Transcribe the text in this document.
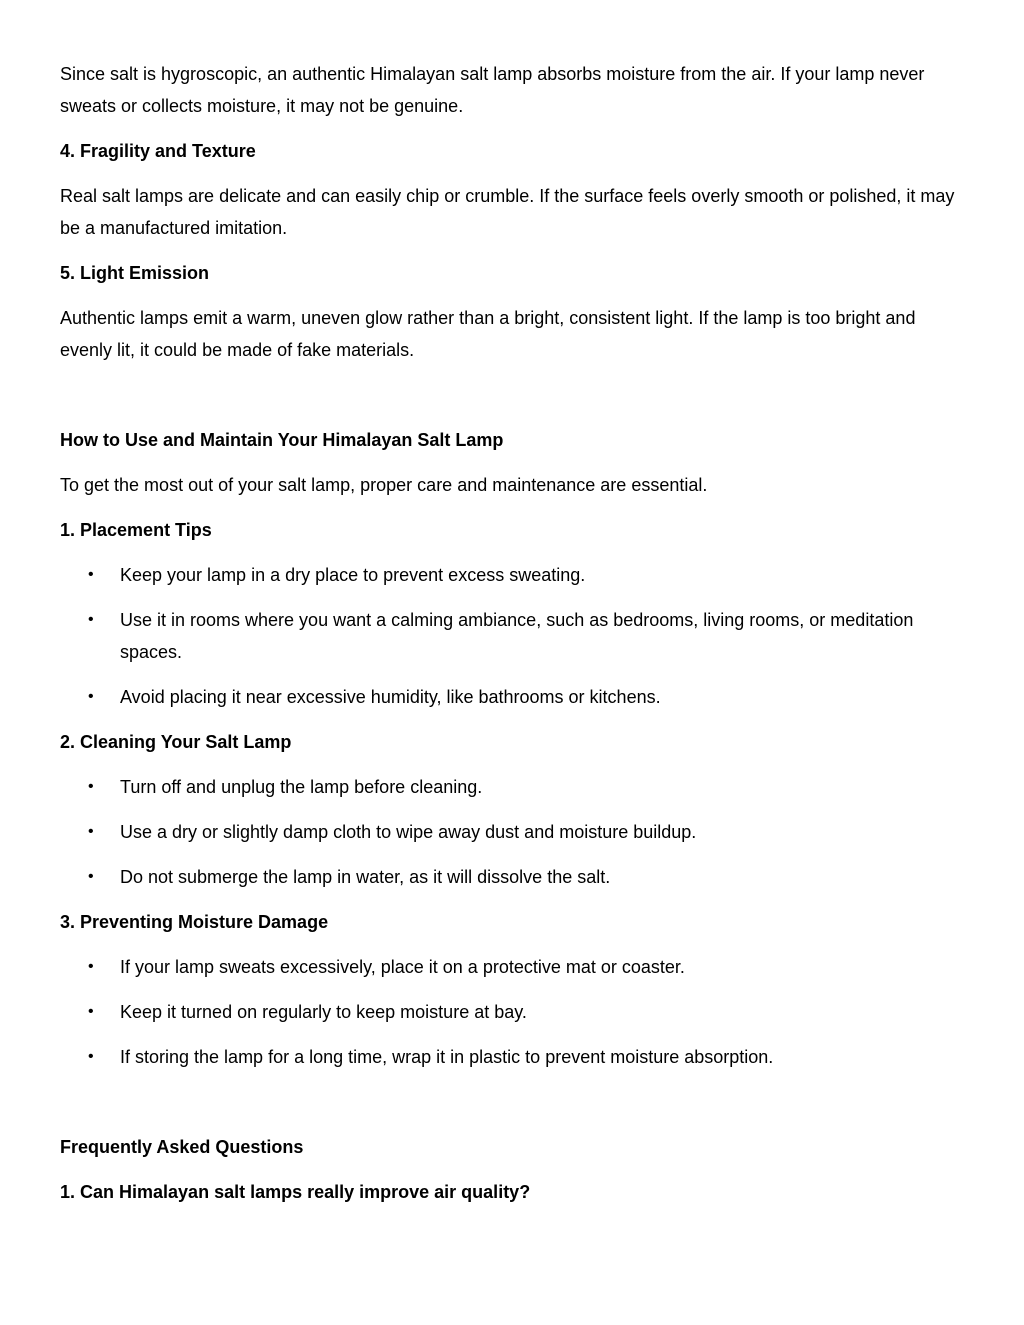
Since salt is hygroscopic, an authentic Himalayan salt lamp absorbs moisture from the air. If your lamp never sweats or collects moisture, it may not be genuine.

4. Fragility and Texture

Real salt lamps are delicate and can easily chip or crumble. If the surface feels overly smooth or polished, it may be a manufactured imitation.

5. Light Emission

Authentic lamps emit a warm, uneven glow rather than a bright, consistent light. If the lamp is too bright and evenly lit, it could be made of fake materials.

How to Use and Maintain Your Himalayan Salt Lamp

To get the most out of your salt lamp, proper care and maintenance are essential.

1. Placement Tips

• Keep your lamp in a dry place to prevent excess sweating.
• Use it in rooms where you want a calming ambiance, such as bedrooms, living rooms, or meditation spaces.
• Avoid placing it near excessive humidity, like bathrooms or kitchens.

2. Cleaning Your Salt Lamp

• Turn off and unplug the lamp before cleaning.
• Use a dry or slightly damp cloth to wipe away dust and moisture buildup.
• Do not submerge the lamp in water, as it will dissolve the salt.

3. Preventing Moisture Damage

• If your lamp sweats excessively, place it on a protective mat or coaster.
• Keep it turned on regularly to keep moisture at bay.
• If storing the lamp for a long time, wrap it in plastic to prevent moisture absorption.

Frequently Asked Questions

1. Can Himalayan salt lamps really improve air quality?
